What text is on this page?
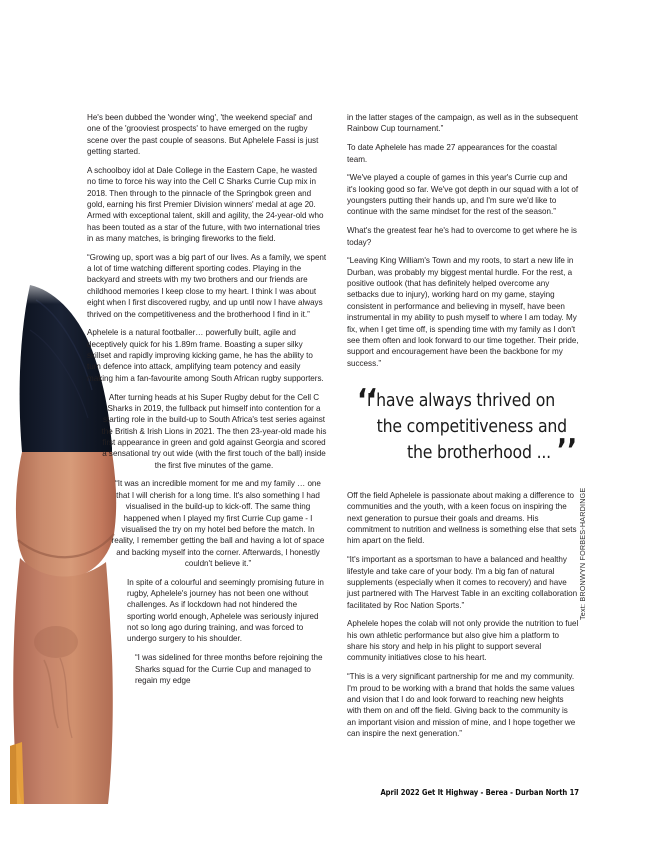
He's been dubbed the 'wonder wing', 'the weekend special' and one of the 'grooviest prospects' to have emerged on the rugby scene over the past couple of seasons. But Aphelele Fassi is just getting started.

A schoolboy idol at Dale College in the Eastern Cape, he wasted no time to force his way into the Cell C Sharks Currie Cup mix in 2018. Then through to the pinnacle of the Springbok green and gold, earning his first Premier Division winners' medal at age 20. Armed with exceptional talent, skill and agility, the 24-year-old who has been touted as a star of the future, with two international tries in as many matches, is bringing fireworks to the field.

“Growing up, sport was a big part of our lives. As a family, we spent a lot of time watching different sporting codes. Playing in the backyard and streets with my two brothers and our friends are childhood memories I keep close to my heart. I think I was about eight when I first discovered rugby, and up until now I have always thrived on the competitiveness and the brotherhood I find in it.”

Aphelele is a natural footballer… powerfully built, agile and deceptively quick for his 1.89m frame. Boasting a super silky skillset and rapidly improving kicking game, he has the ability to turn defence into attack, amplifying team potency and easily making him a fan-favourite among South African rugby supporters.

After turning heads at his Super Rugby debut for the Cell C Sharks in 2019, the fullback put himself into contention for a starting role in the build-up to South Africa's test series against the British & Irish Lions in 2021. The then 23-year-old made his first appearance in green and gold against Georgia and scored a sensational try out wide (with the first touch of the ball) inside the first five minutes of the game.

“It was an incredible moment for me and my family … one that I will cherish for a long time. It's also something I had visualised in the build-up to kick-off. The same thing happened when I played my first Currie Cup game - I visualised the try on my hotel bed before the match. In reality, I remember getting the ball and having a lot of space and backing myself into the corner. Afterwards, I honestly couldn't believe it.”

In spite of a colourful and seemingly promising future in rugby, Aphelele's journey has not been one without challenges. As if lockdown had not hindered the sporting world enough, Aphelele was seriously injured not so long ago during training, and was forced to undergo surgery to his shoulder.

“I was sidelined for three months before rejoining the Sharks squad for the Currie Cup and managed to regain my edge

in the latter stages of the campaign, as well as in the subsequent Rainbow Cup tournament.”

To date Aphelele has made 27 appearances for the coastal team.

“We've played a couple of games in this year's Currie cup and it's looking good so far. We've got depth in our squad with a lot of youngsters putting their hands up, and I'm sure we'd like to continue with the same mindset for the rest of the season.”

What's the greatest fear he's had to overcome to get where he is today?

“Leaving King William's Town and my roots, to start a new life in Durban, was probably my biggest mental hurdle. For the rest, a positive outlook (that has definitely helped overcome any setbacks due to injury), working hard on my game, staying consistent in performance and believing in myself, have been instrumental in my ability to push myself to where I am today. My fix, when I get time off, is spending time with my family as I don't see them often and look forward to our time together. Their pride, support and encouragement have been the backbone for my success.”

‘‘
I have always thrived on
the competitiveness and
the brotherhood ... ’’

Off the field Aphelele is passionate about making a difference to communities and the youth, with a keen focus on inspiring the next generation to pursue their goals and dreams. His commitment to nutrition and wellness is something else that sets him apart on the field.

“It's important as a sportsman to have a balanced and healthy lifestyle and take care of your body. I'm a big fan of natural supplements (especially when it comes to recovery) and have just partnered with The Harvest Table in an exciting collaboration facilitated by Roc Nation Sports.”

Aphelele hopes the colab will not only provide the nutrition to fuel his own athletic performance but also give him a platform to share his story and help in his plight to support several community initiatives close to his heart.

“This is a very significant partnership for me and my community. I'm proud to be working with a brand that holds the same values and vision that I do and look forward to reaching new heights with them on and off the field. Giving back to the community is an important vision and mission of mine, and I hope together we can inspire the next generation.”

April 2022 Get It Highway - Berea - Durban North 17
Text: BRONWYN FORBES-HARDINGE
